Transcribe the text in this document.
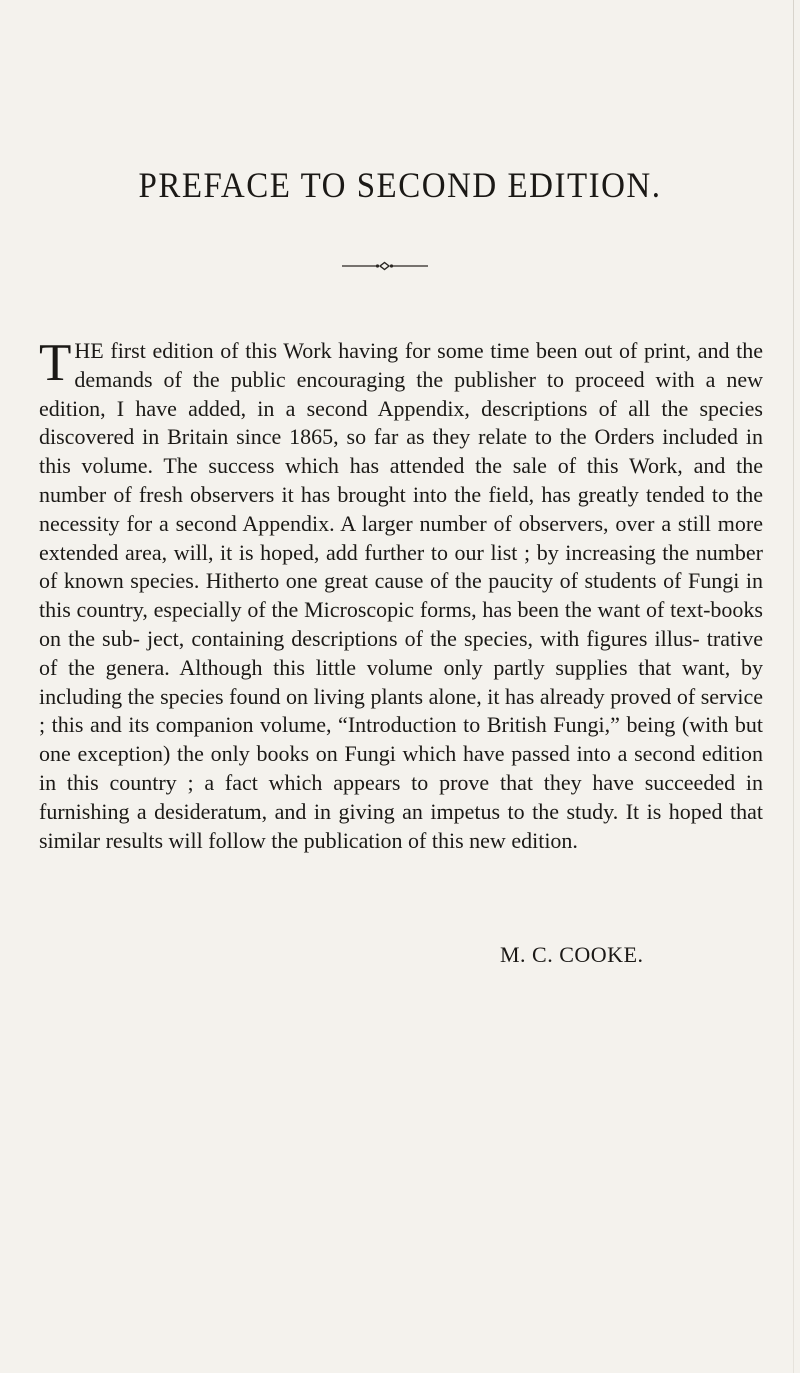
PREFACE TO SECOND EDITION.

THE first edition of this Work having for some time been out of print, and the demands of the public encouraging the publisher to proceed with a new edition, I have added, in a second Appendix, descriptions of all the species discovered in Britain since 1865, so far as they relate to the Orders included in this volume. The success which has attended the sale of this Work, and the number of fresh observers it has brought into the field, has greatly tended to the necessity for a second Appendix. A larger number of observers, over a still more extended area, will, it is hoped, add further to our list ; by increasing the number of known species. Hitherto one great cause of the paucity of students of Fungi in this country, especially of the Microscopic forms, has been the want of text-books on the sub- ject, containing descriptions of the species, with figures illus- trative of the genera. Although this little volume only partly supplies that want, by including the species found on living plants alone, it has already proved of service ; this and its companion volume, “Introduction to British Fungi,” being (with but one exception) the only books on Fungi which have passed into a second edition in this country ; a fact which appears to prove that they have succeeded in furnishing a desideratum, and in giving an impetus to the study. It is hoped that similar results will follow the publication of this new edition.

M. C. COOKE.
